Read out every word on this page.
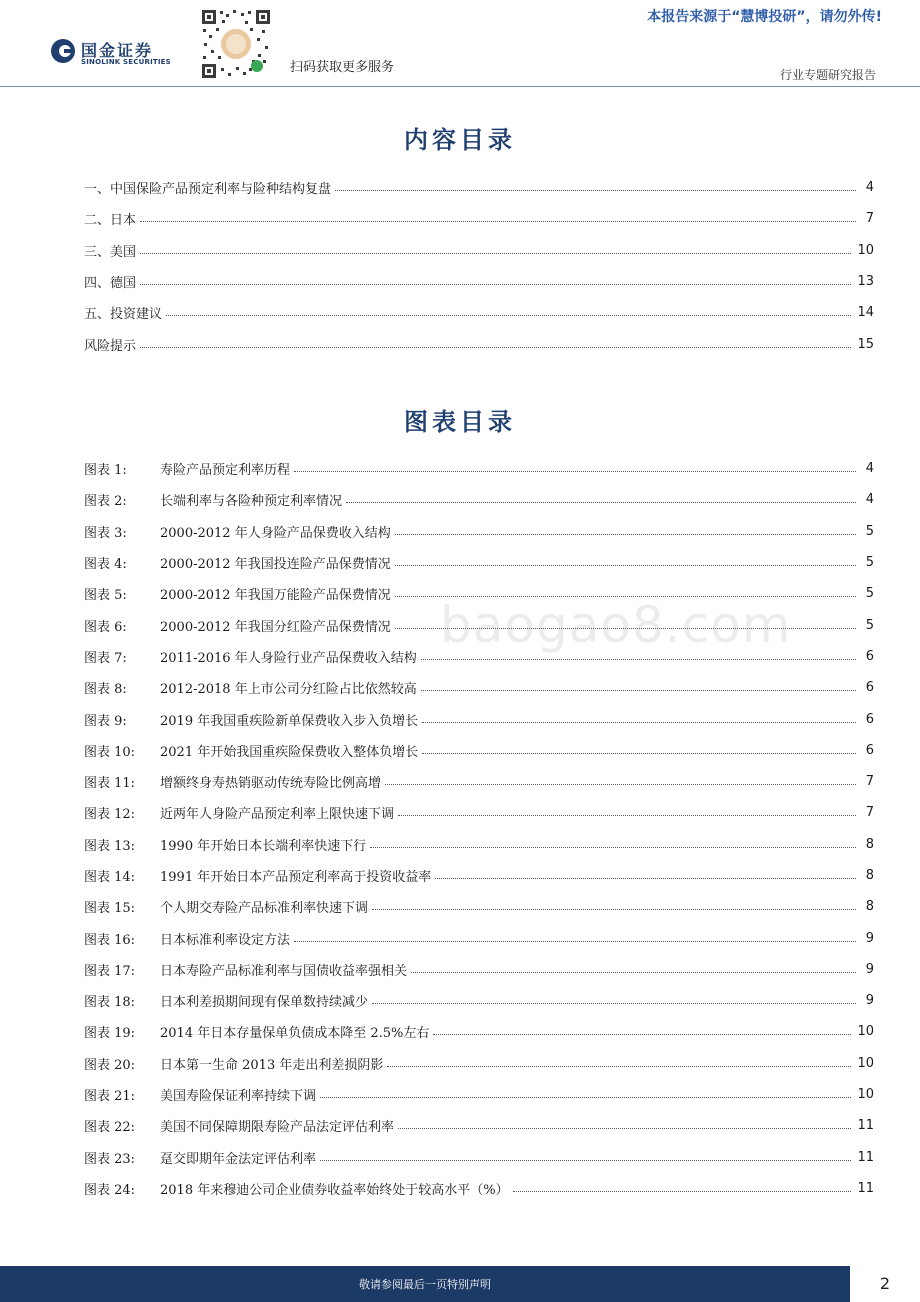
国金证券
SINOLINK SECURITIES	扫码获取更多服务
本报告来源于“慧博投研”，请勿外传!
行业专题研究报告
内容目录
一、中国保险产品预定利率与险种结构复盘	4
二、日本	7
三、美国	10
四、德国	13
五、投资建议	14
风险提示	15
图表目录
图表 1:	寿险产品预定利率历程	4
图表 2:	长端利率与各险种预定利率情况	4
图表 3:	2000-2012 年人身险产品保费收入结构	5
图表 4:	2000-2012 年我国投连险产品保费情况	5
图表 5:	2000-2012 年我国万能险产品保费情况	5
图表 6:	2000-2012 年我国分红险产品保费情况	5
图表 7:	2011-2016 年人身险行业产品保费收入结构	6
图表 8:	2012-2018 年上市公司分红险占比依然较高	6
图表 9:	2019 年我国重疾险新单保费收入步入负增长	6
图表 10:	2021 年开始我国重疾险保费收入整体负增长	6
图表 11:	增额终身寿热销驱动传统寿险比例高增	7
图表 12:	近两年人身险产品预定利率上限快速下调	7
图表 13:	1990 年开始日本长端利率快速下行	8
图表 14:	1991 年开始日本产品预定利率高于投资收益率	8
图表 15:	个人期交寿险产品标准利率快速下调	8
图表 16:	日本标准利率设定方法	9
图表 17:	日本寿险产品标准利率与国债收益率强相关	9
图表 18:	日本利差损期间现有保单数持续减少	9
图表 19:	2014 年日本存量保单负债成本降至 2.5%左右	10
图表 20:	日本第一生命 2013 年走出利差损阴影	10
图表 21:	美国寿险保证利率持续下调	10
图表 22:	美国不同保障期限寿险产品法定评估利率	11
图表 23:	趸交即期年金法定评估利率	11
图表 24:	2018 年来穆迪公司企业债券收益率始终处于较高水平（%）	11
baogao8.com
敬请参阅最后一页特别声明	2
